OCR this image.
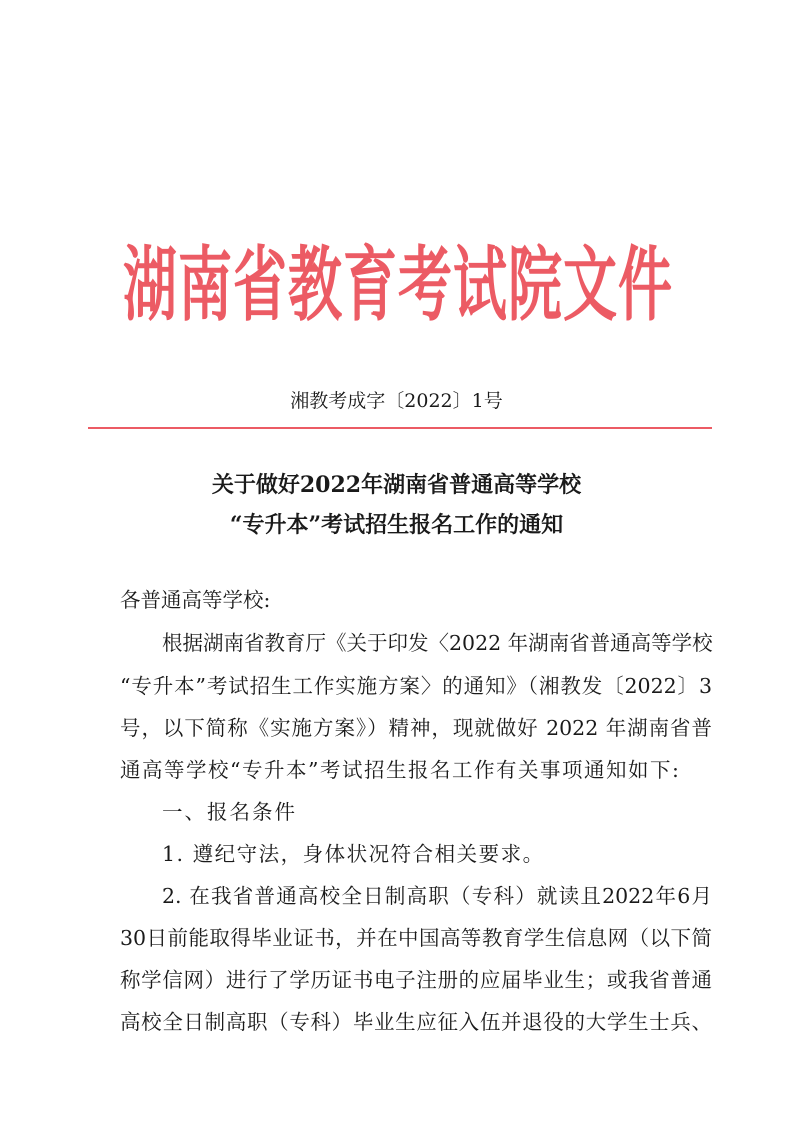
湖南省教育考试院文件
湘教考成字〔2022〕1号
关于做好2022年湖南省普通高等学校
“专升本”考试招生报名工作的通知
各普通高等学校:
根据湖南省教育厅《关于印发〈2022 年湖南省普通高等学校
“专升本”考试招生工作实施方案〉的通知》（湘教发〔2022〕3
号，以下简称《实施方案》）精神，现就做好 2022 年湖南省普
通高等学校“专升本”考试招生报名工作有关事项通知如下:
一、报名条件
1. 遵纪守法，身体状况符合相关要求。
2. 在我省普通高校全日制高职（专科）就读且2022年6月
30日前能取得毕业证书，并在中国高等教育学生信息网（以下简
称学信网）进行了学历证书电子注册的应届毕业生；或我省普通
高校全日制高职（专科）毕业生应征入伍并退役的大学生士兵、
